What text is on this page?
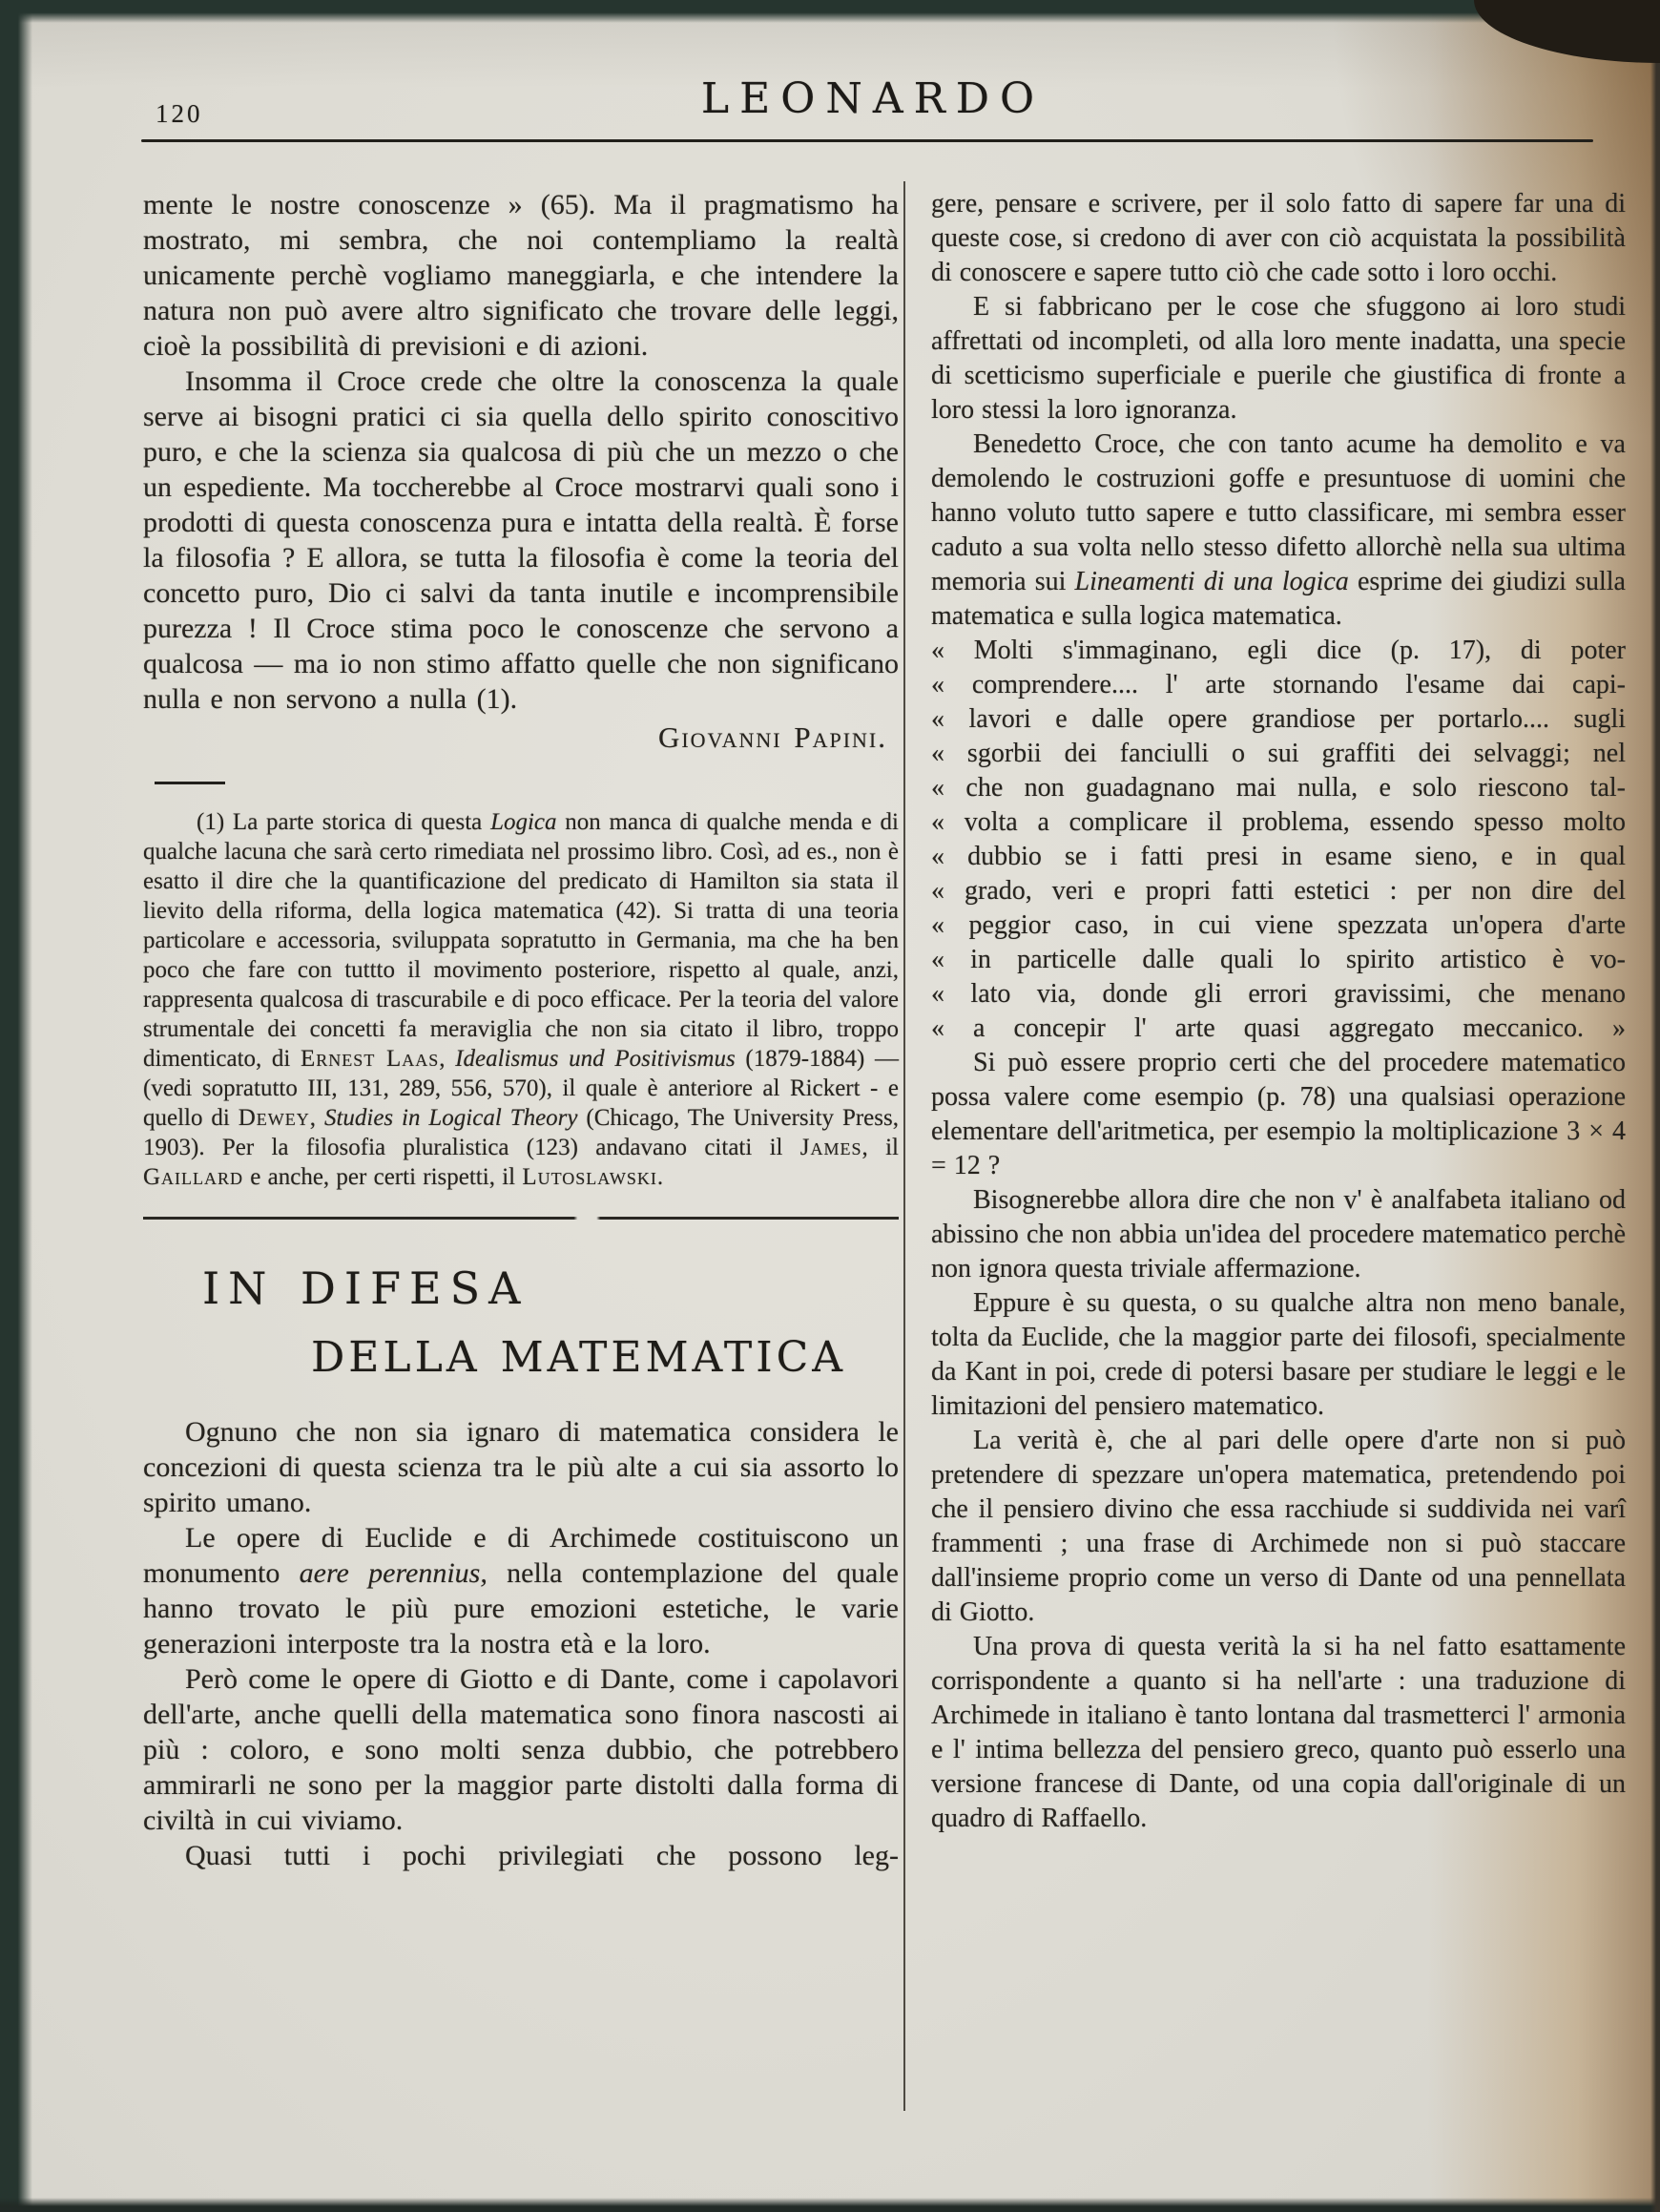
120	LEONARDO

mente le nostre conoscenze » (65). Ma il pragmatismo ha mostrato, mi sembra, che noi contempliamo la realtà unicamente perchè vogliamo maneggiarla, e che intendere la natura non può avere altro significato che trovare delle leggi, cioè la possibilità di previsioni e di azioni.

Insomma il Croce crede che oltre la conoscenza la quale serve ai bisogni pratici ci sia quella dello spirito conoscitivo puro, e che la scienza sia qualcosa di più che un mezzo o che un espediente. Ma toccherebbe al Croce mostrarvi quali sono i prodotti di questa conoscenza pura e intatta della realtà. È forse la filosofia ? E allora, se tutta la filosofia è come la teoria del concetto puro, Dio ci salvi da tanta inutile e incomprensibile purezza ! Il Croce stima poco le conoscenze che servono a qualcosa — ma io non stimo affatto quelle che non significano nulla e non servono a nulla (1).

Giovanni Papini.

(1) La parte storica di questa Logica non manca di qualche menda e di qualche lacuna che sarà certo rimediata nel prossimo libro. Così, ad es., non è esatto il dire che la quantificazione del predicato di Hamilton sia stata il lievito della riforma, della logica matematica (42). Si tratta di una teoria particolare e accessoria, sviluppata sopratutto in Germania, ma che ha ben poco che fare con tuttto il movimento posteriore, rispetto al quale, anzi, rappresenta qualcosa di trascurabile e di poco efficace. Per la teoria del valore strumentale dei concetti fa meraviglia che non sia citato il libro, troppo dimenticato, di Ernest Laas, Idealismus und Positivismus (1879-1884) — (vedi sopratutto III, 131, 289, 556, 570), il quale è anteriore al Rickert - e quello di Dewey, Studies in Logical Theory (Chicago, The University Press, 1903). Per la filosofia pluralistica (123) andavano citati il James, il Gaillard e anche, per certi rispetti, il Lutoslawski.

IN DIFESA
DELLA MATEMATICA

Ognuno che non sia ignaro di matematica considera le concezioni di questa scienza tra le più alte a cui sia assorto lo spirito umano.

Le opere di Euclide e di Archimede costituiscono un monumento aere perennius, nella contemplazione del quale hanno trovato le più pure emozioni estetiche, le varie generazioni interposte tra la nostra età e la loro.

Però come le opere di Giotto e di Dante, come i capolavori dell'arte, anche quelli della matematica sono finora nascosti ai più : coloro, e sono molti senza dubbio, che potrebbero ammirarli ne sono per la maggior parte distolti dalla forma di civiltà in cui viviamo.

Quasi tutti i pochi privilegiati che possono leg-

gere, pensare e scrivere, per il solo fatto di sapere far una di queste cose, si credono di aver con ciò acquistata la possibilità di conoscere e sapere tutto ciò che cade sotto i loro occhi.

E si fabbricano per le cose che sfuggono ai loro studi affrettati od incompleti, od alla loro mente inadatta, una specie di scetticismo superficiale e puerile che giustifica di fronte a loro stessi la loro ignoranza.

Benedetto Croce, che con tanto acume ha demolito e va demolendo le costruzioni goffe e presuntuose di uomini che hanno voluto tutto sapere e tutto classificare, mi sembra esser caduto a sua volta nello stesso difetto allorchè nella sua ultima memoria sui Lineamenti di una logica esprime dei giudizi sulla matematica e sulla logica matematica.

« Molti s'immaginano, egli dice (p. 17), di poter
« comprendere.... l' arte stornando l'esame dai capi-
« lavori e dalle opere grandiose per portarlo.... sugli
« sgorbii dei fanciulli o sui graffiti dei selvaggi; nel
« che non guadagnano mai nulla, e solo riescono tal-
« volta a complicare il problema, essendo spesso molto
« dubbio se i fatti presi in esame sieno, e in qual
« grado, veri e propri fatti estetici : per non dire del
« peggior caso, in cui viene spezzata un'opera d'arte
« in particelle dalle quali lo spirito artistico è vo-
« lato via, donde gli errori gravissimi, che menano
« a concepir l' arte quasi aggregato meccanico. »

Si può essere proprio certi che del procedere matematico possa valere come esempio (p. 78) una qualsiasi operazione elementare dell'aritmetica, per esempio la moltiplicazione 3 × 4 = 12 ?

Bisognerebbe allora dire che non v' è analfabeta italiano od abissino che non abbia un'idea del procedere matematico perchè non ignora questa triviale affermazione.

Eppure è su questa, o su qualche altra non meno banale, tolta da Euclide, che la maggior parte dei filosofi, specialmente da Kant in poi, crede di potersi basare per studiare le leggi e le limitazioni del pensiero matematico.

La verità è, che al pari delle opere d'arte non si può pretendere di spezzare un'opera matematica, pretendendo poi che il pensiero divino che essa racchiude si suddivida nei varî frammenti ; una frase di Archimede non si può staccare dall'insieme proprio come un verso di Dante od una pennellata di Giotto.

Una prova di questa verità la si ha nel fatto esattamente corrispondente a quanto si ha nell'arte : una traduzione di Archimede in italiano è tanto lontana dal trasmetterci l' armonia e l' intima bellezza del pensiero greco, quanto può esserlo una versione francese di Dante, od una copia dall'originale di un quadro di Raffaello.
